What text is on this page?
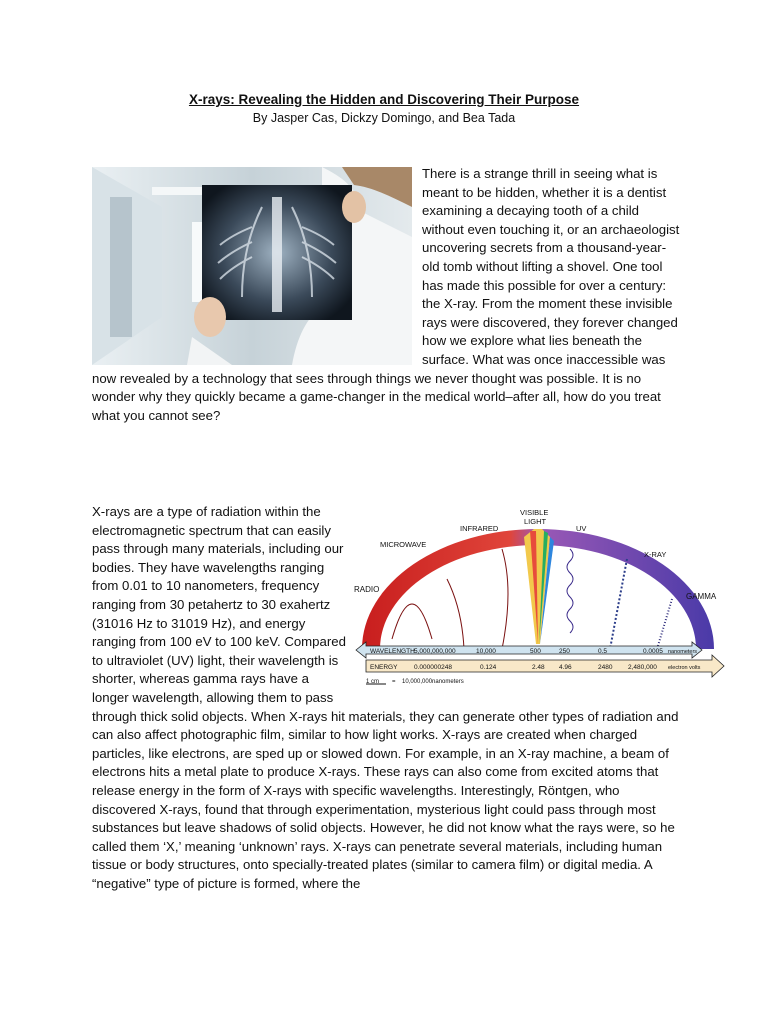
X-rays: Revealing the Hidden and Discovering Their Purpose
By Jasper Cas, Dickzy Domingo, and Bea Tada

There is a strange thrill in seeing what is meant to be hidden, whether it is a dentist examining a decaying tooth of a child without even touching it, or an archaeologist uncovering secrets from a thousand-year-old tomb without lifting a shovel. One tool has made this possible for over a century: the X-ray. From the moment these invisible rays were discovered, they forever changed how we explore what lies beneath the surface. What was once inaccessible was now revealed by a technology that sees through things we never thought was possible. It is no wonder why they quickly became a game-changer in the medical world–after all, how do you treat what you cannot see?

RADIO
MICROWAVE
INFRARED
VISIBLE
LIGHT
UV
X-RAY
GAMMA
WAVELENGTH 5,000,000,000	10,000	500	250	0.5	0.0005 nanometers
ENERGY	0.000000248	0.124	2.48 4.96	2480 2,480,000 electron volts
1 cm = 10,000,000nanometers

X-rays are a type of radiation within the electromagnetic spectrum that can easily pass through many materials, including our bodies. They have wavelengths ranging from 0.01 to 10 nanometers, frequency ranging from 30 petahertz to 30 exahertz (31016 Hz to 31019 Hz), and energy ranging from 100 eV to 100 keV. Compared to ultraviolet (UV) light, their wavelength is shorter, whereas gamma rays have a longer wavelength, allowing them to pass through thick solid objects. When X-rays hit materials, they can generate other types of radiation and can also affect photographic film, similar to how light works. X-rays are created when charged particles, like electrons, are sped up or slowed down. For example, in an X-ray machine, a beam of electrons hits a metal plate to produce X-rays. These rays can also come from excited atoms that release energy in the form of X-rays with specific wavelengths. Interestingly, Röntgen, who discovered X-rays, found that through experimentation, mysterious light could pass through most substances but leave shadows of solid objects. However, he did not know what the rays were, so he called them ‘X,’ meaning ‘unknown’ rays. X-rays can penetrate several materials, including human tissue or body structures, onto specially-treated plates (similar to camera film) or digital media. A “negative” type of picture is formed, where the
